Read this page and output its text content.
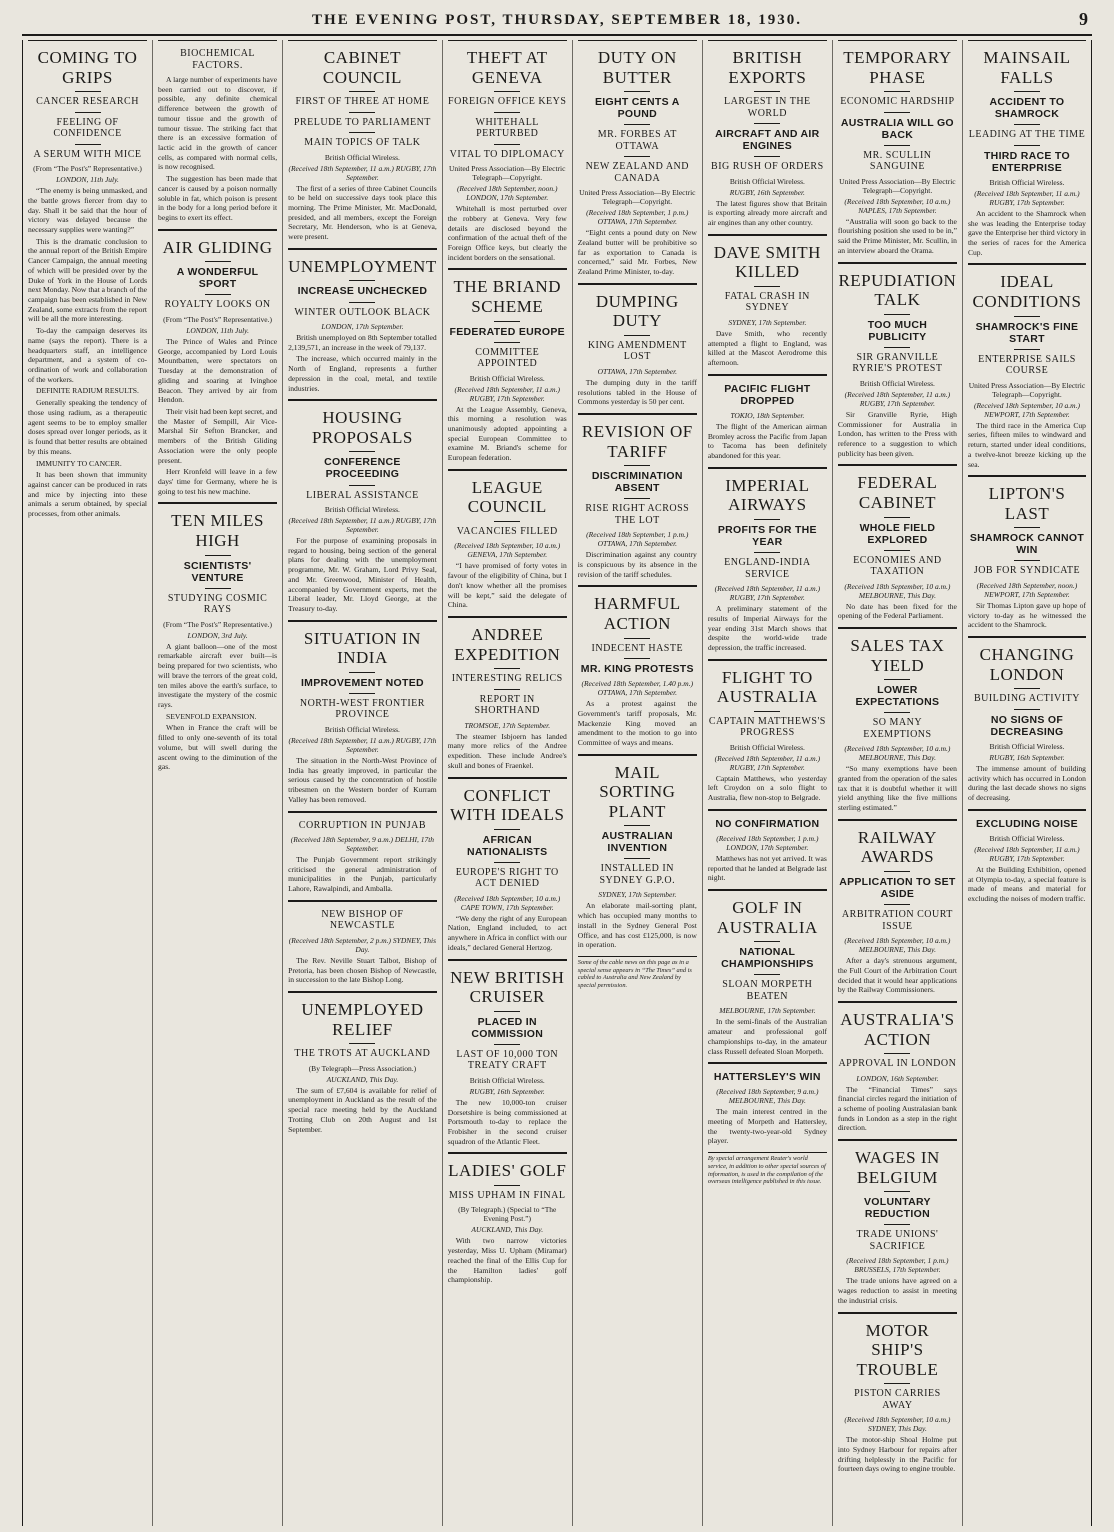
THE EVENING POST, THURSDAY, SEPTEMBER 18, 1930.	9
COMING TO GRIPS
CANCER RESEARCH
FEELING OF CONFIDENCE
A SERUM WITH MICE
(From “The Post's” Representative.)
LONDON, 11th July.

“The enemy is being unmasked, and the battle grows fiercer from day to day. Shall it be said that the hour of victory was delayed because the necessary supplies were wanting?”

This is the dramatic conclusion to the annual report of the British Empire Cancer Campaign, the annual meeting of which will be presided over by the Duke of York in the House of Lords next Monday. Now that a branch of the campaign has been established in New Zealand, some extracts from the report will be all the more interesting.

To-day the campaign deserves its name (says the report). There is a headquarters staff, an intelligence department, and a system of co-ordination of work and collaboration of the workers.

DEFINITE RADIUM RESULTS.

Generally speaking the tendency of those using radium, as a therapeutic agent seems to be to employ smaller doses spread over longer periods, as it is found that better results are obtained by this means.

IMMUNITY TO CANCER.

It has been shown that immunity against cancer can be produced in rats and mice by injecting into these animals a serum obtained, by special processes, from other animals.

BIOCHEMICAL FACTORS.

A large number of experiments have been carried out to discover, if possible, any definite chemical difference between the growth of tumour tissue and the growth of tumour tissue. The striking fact that there is an excessive formation of lactic acid in the growth of cancer cells, as compared with normal cells, is now recognised.

The suggestion has been made that cancer is caused by a poison normally soluble in fat, which poison is present in the body for a long period before it begins to exert its effect.

AIR GLIDING
A WONDERFUL SPORT
ROYALTY LOOKS ON
(From “The Post's” Representative.)
LONDON, 11th July.

The Prince of Wales and Prince George, accompanied by Lord Louis Mountbatten, were spectators on Tuesday at the demonstration of gliding and soaring at Ivinghoe Beacon. They arrived by air from Hendon.

Their visit had been kept secret, and the Master of Sempill, Air Vice-Marshal Sir Sefton Brancker, and members of the British Gliding Association were the only people present.

Herr Kronfeld will leave in a few days' time for Germany, where he is going to test his new machine.

TEN MILES HIGH
SCIENTISTS' VENTURE
STUDYING COSMIC RAYS
(From “The Post's” Representative.)
LONDON, 3rd July.

A giant balloon—one of the most remarkable aircraft ever built—is being prepared for two scientists, who will brave the terrors of the great cold, ten miles above the earth's surface, to investigate the mystery of the cosmic rays.

SEVENFOLD EXPANSION.

When in France the craft will be filled to only one-seventh of its total volume, but will swell during the ascent owing to the diminution of the gas.

CABINET COUNCIL
FIRST OF THREE AT HOME
PRELUDE TO PARLIAMENT
MAIN TOPICS OF TALK
British Official Wireless.
(Received 18th September, 11 a.m.) RUGBY, 17th September.

The first of a series of three Cabinet Councils to be held on successive days took place this morning. The Prime Minister, Mr. MacDonald, presided, and all members, except the Foreign Secretary, Mr. Henderson, who is at Geneva, were present.

UNEMPLOYMENT
INCREASE UNCHECKED
WINTER OUTLOOK BLACK
LONDON, 17th September.

British unemployed on 8th September totalled 2,139,571, an increase in the week of 79,137.

The increase, which occurred mainly in the North of England, represents a further depression in the coal, metal, and textile industries.

HOUSING PROPOSALS
CONFERENCE PROCEEDING
LIBERAL ASSISTANCE
British Official Wireless.
(Received 18th September, 11 a.m.) RUGBY, 17th September.

For the purpose of examining proposals in regard to housing, being section of the general plans for dealing with the unemployment programme, Mr. W. Graham, Lord Privy Seal, and Mr. Greenwood, Minister of Health, accompanied by Government experts, met the Liberal leader, Mr. Lloyd George, at the Treasury to-day.

SITUATION IN INDIA
IMPROVEMENT NOTED
NORTH-WEST FRONTIER PROVINCE
British Official Wireless.
(Received 18th September, 11 a.m.) RUGBY, 17th September.

The situation in the North-West Province of India has greatly improved, in particular the serious caused by the concentration of hostile tribesmen on the Western border of Kurram Valley has been removed.

CORRUPTION IN PUNJAB
(Received 18th September, 9 a.m.) DELHI, 17th September.

The Punjab Government report strikingly criticised the general administration of municipalities in the Punjab, particularly Lahore, Rawalpindi, and Amballa.

NEW BISHOP OF NEWCASTLE
(Received 18th September, 2 p.m.) SYDNEY, This Day.

The Rev. Neville Stuart Talbot, Bishop of Pretoria, has been chosen Bishop of Newcastle, in succession to the late Bishop Long.

UNEMPLOYED RELIEF
THE TROTS AT AUCKLAND
(By Telegraph—Press Association.)
AUCKLAND, This Day.

The sum of £7,604 is available for relief of unemployment in Auckland as the result of the special race meeting held by the Auckland Trotting Club on 20th August and 1st September.

THEFT AT GENEVA
FOREIGN OFFICE KEYS
WHITEHALL PERTURBED
VITAL TO DIPLOMACY
United Press Association—By Electric Telegraph—Copyright.
(Received 18th September, noon.) LONDON, 17th September.

Whitehall is most perturbed over the robbery at Geneva. Very few details are disclosed beyond the confirmation of the actual theft of the Foreign Office keys, but clearly the incident borders on the sensational.

THE BRIAND SCHEME
FEDERATED EUROPE
COMMITTEE APPOINTED
British Official Wireless.
(Received 18th September, 11 a.m.) RUGBY, 17th September.

At the League Assembly, Geneva, this morning a resolution was unanimously adopted appointing a special European Committee to examine M. Briand's scheme for European federation.

LEAGUE COUNCIL
VACANCIES FILLED
(Received 18th September, 10 a.m.) GENEVA, 17th September.

“I have promised of forty votes in favour of the eligibility of China, but I don't know whether all the promises will be kept,” said the delegate of China.

ANDREE EXPEDITION
INTERESTING RELICS
REPORT IN SHORTHAND
TROMSOE, 17th September.

The steamer Isbjoern has landed many more relics of the Andree expedition. These include Andree's skull and bones of Fraenkel.

CONFLICT WITH IDEALS
AFRICAN NATIONALISTS
EUROPE'S RIGHT TO ACT DENIED
(Received 18th September, 10 a.m.) CAPE TOWN, 17th September.

“We deny the right of any European Nation, England included, to act anywhere in Africa in conflict with our ideals,” declared General Hertzog.

NEW BRITISH CRUISER
PLACED IN COMMISSION
LAST OF 10,000 TON TREATY CRAFT
British Official Wireless.
RUGBY, 16th September.

The new 10,000-ton cruiser Dorsetshire is being commissioned at Portsmouth to-day to replace the Frobisher in the second cruiser squadron of the Atlantic Fleet.

LADIES' GOLF
MISS UPHAM IN FINAL
(By Telegraph.) (Special to “The Evening Post.”)
AUCKLAND, This Day.

With two narrow victories yesterday, Miss U. Upham (Miramar) reached the final of the Ellis Cup for the Hamilton ladies' golf championship.

DUTY ON BUTTER
EIGHT CENTS A POUND
MR. FORBES AT OTTAWA
NEW ZEALAND AND CANADA
United Press Association—By Electric Telegraph—Copyright.
(Received 18th September, 1 p.m.) OTTAWA, 17th September.

“Eight cents a pound duty on New Zealand butter will be prohibitive so far as exportation to Canada is concerned,” said Mr. Forbes, New Zealand Prime Minister, to-day.

DUMPING DUTY
KING AMENDMENT LOST
OTTAWA, 17th September.

The dumping duty in the tariff resolutions tabled in the House of Commons yesterday is 50 per cent.

REVISION OF TARIFF
DISCRIMINATION ABSENT
RISE RIGHT ACROSS THE LOT
(Received 18th September, 1 p.m.) OTTAWA, 17th September.

Discrimination against any country is conspicuous by its absence in the revision of the tariff schedules.

HARMFUL ACTION
INDECENT HASTE
MR. KING PROTESTS
(Received 18th September, 1.40 p.m.) OTTAWA, 17th September.

As a protest against the Government's tariff proposals, Mr. Mackenzie King moved an amendment to the motion to go into Committee of ways and means.

MAIL SORTING PLANT
AUSTRALIAN INVENTION
INSTALLED IN SYDNEY G.P.O.
SYDNEY, 17th September.

An elaborate mail-sorting plant, which has occupied many months to install in the Sydney General Post Office, and has cost £125,000, is now in operation.

Some of the cable news on this page as in a special sense appears in “The Times” and is cabled to Australia and New Zealand by special permission.
BRITISH EXPORTS
LARGEST IN THE WORLD
AIRCRAFT AND AIR ENGINES
BIG RUSH OF ORDERS
British Official Wireless.
RUGBY, 16th September.

The latest figures show that Britain is exporting already more aircraft and air engines than any other country.

DAVE SMITH KILLED
FATAL CRASH IN SYDNEY
SYDNEY, 17th September.

Dave Smith, who recently attempted a flight to England, was killed at the Mascot Aerodrome this afternoon.

PACIFIC FLIGHT DROPPED
TOKIO, 18th September.

The flight of the American airman Bromley across the Pacific from Japan to Tacoma has been definitely abandoned for this year.

IMPERIAL AIRWAYS
PROFITS FOR THE YEAR
ENGLAND-INDIA SERVICE
(Received 18th September, 11 a.m.) RUGBY, 17th September.

A preliminary statement of the results of Imperial Airways for the year ending 31st March shows that despite the world-wide trade depression, the traffic increased.

FLIGHT TO AUSTRALIA
CAPTAIN MATTHEWS'S PROGRESS
British Official Wireless.
(Received 18th September, 11 a.m.) RUGBY, 17th September.

Captain Matthews, who yesterday left Croydon on a solo flight to Australia, flew non-stop to Belgrade.

NO CONFIRMATION
(Received 18th September, 1 p.m.) LONDON, 17th September.

Matthews has not yet arrived. It was reported that he landed at Belgrade last night.

GOLF IN AUSTRALIA
NATIONAL CHAMPIONSHIPS
SLOAN MORPETH BEATEN
MELBOURNE, 17th September.

In the semi-finals of the Australian amateur and professional golf championships to-day, in the amateur class Russell defeated Sloan Morpeth.

HATTERSLEY'S WIN
(Received 18th September, 9 a.m.) MELBOURNE, This Day.

The main interest centred in the meeting of Morpeth and Hattersley, the twenty-two-year-old Sydney player.

By special arrangement Reuter's world service, in addition to other special sources of information, is used in the compilation of the overseas intelligence published in this issue.
TEMPORARY PHASE
ECONOMIC HARDSHIP
AUSTRALIA WILL GO BACK
MR. SCULLIN SANGUINE
United Press Association—By Electric Telegraph—Copyright.
(Received 18th September, 10 a.m.) NAPLES, 17th September.

“Australia will soon go back to the flourishing position she used to be in,” said the Prime Minister, Mr. Scullin, in an interview aboard the Orama.

REPUDIATION TALK
TOO MUCH PUBLICITY
SIR GRANVILLE RYRIE'S PROTEST
British Official Wireless.
(Received 18th September, 11 a.m.) RUGBY, 17th September.

Sir Granville Ryrie, High Commissioner for Australia in London, has written to the Press with reference to a suggestion to which publicity has been given.

FEDERAL CABINET
WHOLE FIELD EXPLORED
ECONOMIES AND TAXATION
(Received 18th September, 10 a.m.) MELBOURNE, This Day.

No date has been fixed for the opening of the Federal Parliament.

SALES TAX YIELD
LOWER EXPECTATIONS
SO MANY EXEMPTIONS
(Received 18th September, 10 a.m.) MELBOURNE, This Day.

“So many exemptions have been granted from the operation of the sales tax that it is doubtful whether it will yield anything like the five millions sterling estimated.”

RAILWAY AWARDS
APPLICATION TO SET ASIDE
ARBITRATION COURT ISSUE
(Received 18th September, 10 a.m.) MELBOURNE, This Day.

After a day's strenuous argument, the Full Court of the Arbitration Court decided that it would hear applications by the Railway Commissioners.

AUSTRALIA'S ACTION
APPROVAL IN LONDON
LONDON, 16th September.

The “Financial Times” says financial circles regard the initiation of a scheme of pooling Australasian bank funds in London as a step in the right direction.

WAGES IN BELGIUM
VOLUNTARY REDUCTION
TRADE UNIONS' SACRIFICE
(Received 18th September, 1 p.m.) BRUSSELS, 17th September.

The trade unions have agreed on a wages reduction to assist in meeting the industrial crisis.

MOTOR SHIP'S TROUBLE
PISTON CARRIES AWAY
(Received 18th September, 10 a.m.) SYDNEY, This Day.

The motor-ship Shoal Holme put into Sydney Harbour for repairs after drifting helplessly in the Pacific for fourteen days owing to engine trouble.

MAINSAIL FALLS
ACCIDENT TO SHAMROCK
LEADING AT THE TIME
THIRD RACE TO ENTERPRISE
British Official Wireless.
(Received 18th September, 11 a.m.) RUGBY, 17th September.

An accident to the Shamrock when she was leading the Enterprise today gave the Enterprise her third victory in the series of races for the America Cup.

IDEAL CONDITIONS
SHAMROCK'S FINE START
ENTERPRISE SAILS COURSE
United Press Association—By Electric Telegraph—Copyright.
(Received 18th September, 10 a.m.) NEWPORT, 17th September.

The third race in the America Cup series, fifteen miles to windward and return, started under ideal conditions, a twelve-knot breeze kicking up the sea.

LIPTON'S LAST
SHAMROCK CANNOT WIN
JOB FOR SYNDICATE
(Received 18th September, noon.) NEWPORT, 17th September.

Sir Thomas Lipton gave up hope of victory to-day as he witnessed the accident to the Shamrock.

CHANGING LONDON
BUILDING ACTIVITY
NO SIGNS OF DECREASING
British Official Wireless.
RUGBY, 16th September.

The immense amount of building activity which has occurred in London during the last decade shows no signs of decreasing.

EXCLUDING NOISE
British Official Wireless.
(Received 18th September, 11 a.m.) RUGBY, 17th September.

At the Building Exhibition, opened at Olympia to-day, a special feature is made of means and material for excluding the noises of modern traffic.
